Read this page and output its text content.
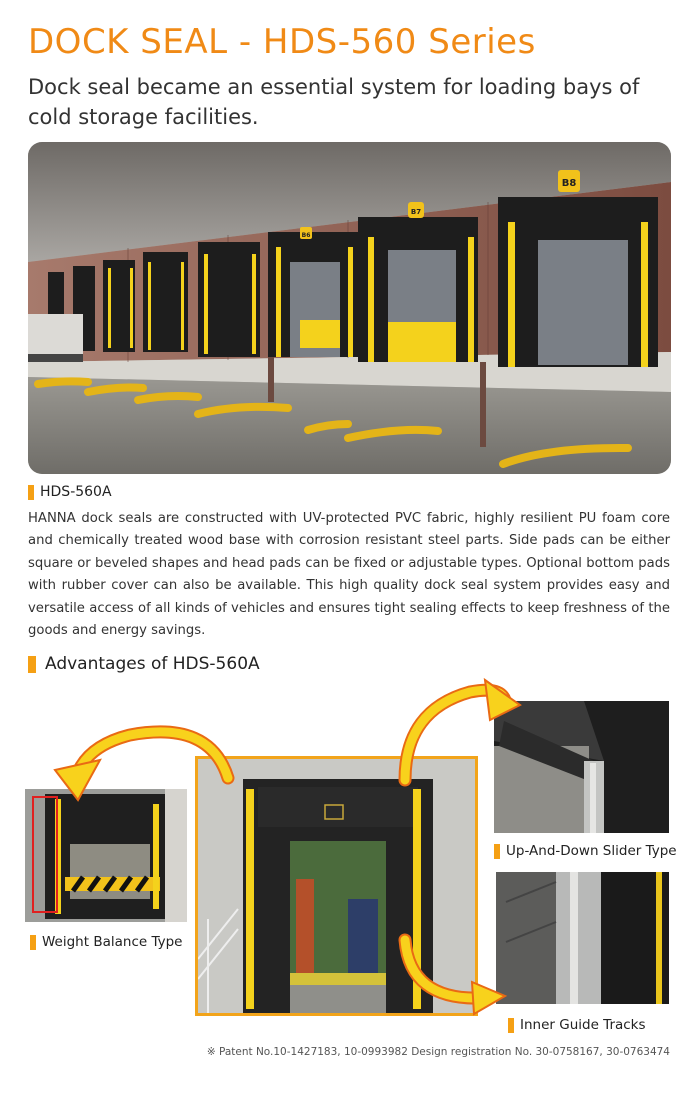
DOCK SEAL - HDS-560 Series
Dock seal became an essential system for loading bays of cold storage facilities.
B8
B7
B6
HDS-560A
HANNA dock seals are constructed with UV-protected PVC fabric, highly resilient PU foam core and chemically treated wood base with corrosion resistant steel parts. Side pads can be either square or beveled shapes and head pads can be fixed or adjustable types. Optional bottom pads with rubber cover can also be available. This high quality dock seal system provides easy and versatile access of all kinds of vehicles and ensures tight sealing effects to keep freshness of the goods and energy savings.
Advantages of HDS-560A
Weight Balance Type
Up-And-Down Slider Type
Inner Guide Tracks
※ Patent No.10-1427183, 10-0993982 Design registration No. 30-0758167, 30-0763474
